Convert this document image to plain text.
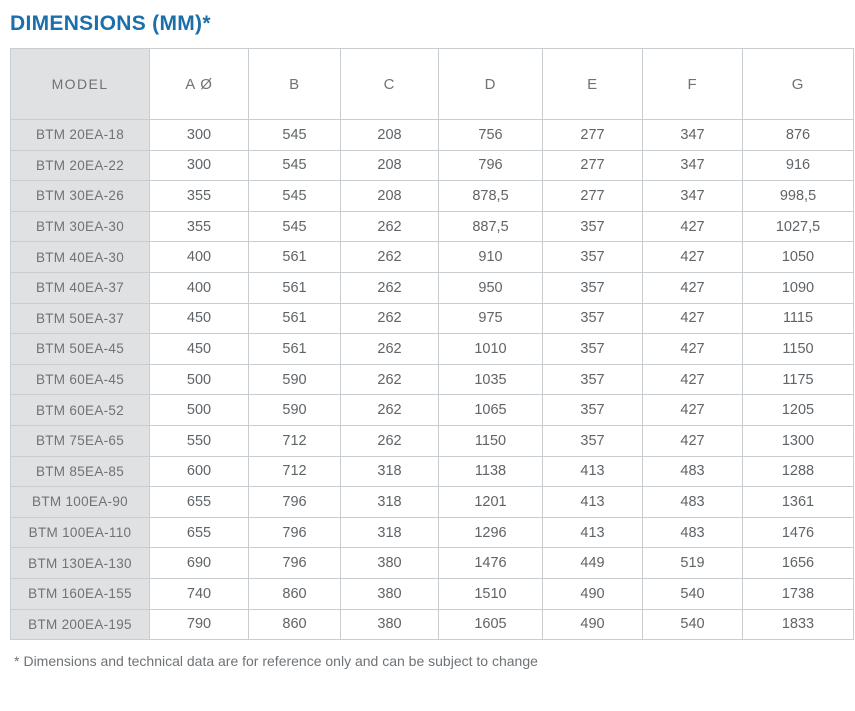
DIMENSIONS (MM)*
MODEL	A Ø	B	C	D	E	F	G
BTM 20EA-18	300	545	208	756	277	347	876
BTM 20EA-22	300	545	208	796	277	347	916
BTM 30EA-26	355	545	208	878,5	277	347	998,5
BTM 30EA-30	355	545	262	887,5	357	427	1027,5
BTM 40EA-30	400	561	262	910	357	427	1050
BTM 40EA-37	400	561	262	950	357	427	1090
BTM 50EA-37	450	561	262	975	357	427	1115
BTM 50EA-45	450	561	262	1010	357	427	1150
BTM 60EA-45	500	590	262	1035	357	427	1175
BTM 60EA-52	500	590	262	1065	357	427	1205
BTM 75EA-65	550	712	262	1150	357	427	1300
BTM 85EA-85	600	712	318	1138	413	483	1288
BTM 100EA-90	655	796	318	1201	413	483	1361
BTM 100EA-110	655	796	318	1296	413	483	1476
BTM 130EA-130	690	796	380	1476	449	519	1656
BTM 160EA-155	740	860	380	1510	490	540	1738
BTM 200EA-195	790	860	380	1605	490	540	1833
* Dimensions and technical data are for reference only and can be subject to change
